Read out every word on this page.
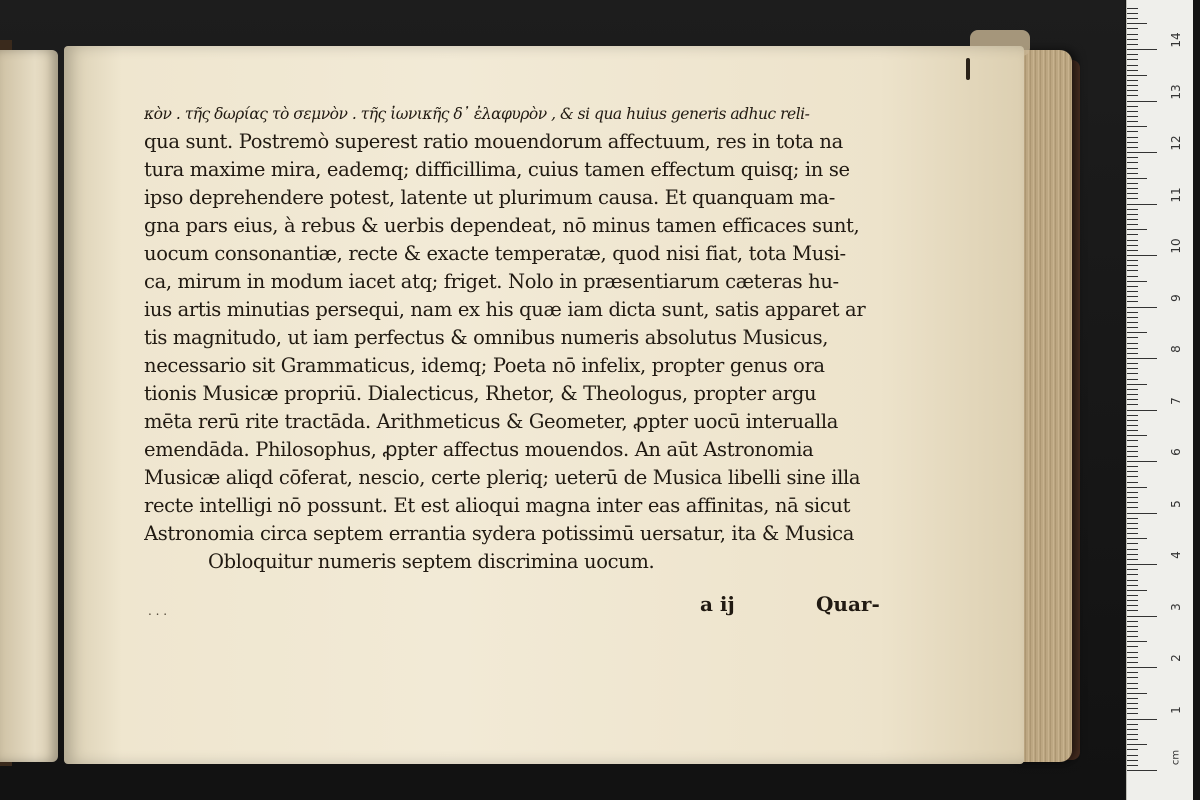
κὸν . τῆς δωρίας τὸ σεμνὸν . τῆς ἰωνικῆς δ᾽ ἐλαφυρὸν , & si qua huius generis adhuc reli-
qua sunt. Postremò superest ratio mouendorum affectuum, res in tota na
tura maxime mira, eademq; difficillima, cuius tamen effectum quisq; in se
ipso deprehendere potest, latente ut plurimum causa. Et quanquam ma-
gna pars eius, à rebus & uerbis dependeat, nō minus tamen efficaces sunt,
uocum consonantiæ, recte & exacte temperatæ, quod nisi fiat, tota Musi-
ca, mirum in modum iacet atq; friget. Nolo in præsentiarum cæteras hu-
ius artis minutias persequi, nam ex his quæ iam dicta sunt, satis apparet ar
tis magnitudo, ut iam perfectus & omnibus numeris absolutus Musicus,
necessario sit Grammaticus, idemq; Poeta nō infelix, propter genus ora
tionis Musicæ propriū. Dialecticus, Rhetor, & Theologus, propter argu
mēta rerū rite tractāda. Arithmeticus & Geometer, ꝓpter uocū interualla
emendāda. Philosophus, ꝓpter affectus mouendos. An aūt Astronomia
Musicæ aliqd cōferat, nescio, certe pleriq; ueterū de Musica libelli sine illa
recte intelligi nō possunt. Et est alioqui magna inter eas affinitas, nā sicut
Astronomia circa septem errantia sydera potissimū uersatur, ita & Musica
Obloquitur numeris septem discrimina uocum.
. . .	a ij	Quar-
cm
1
2
3
4
5
6
7
8
9
10
11
12
13
14
